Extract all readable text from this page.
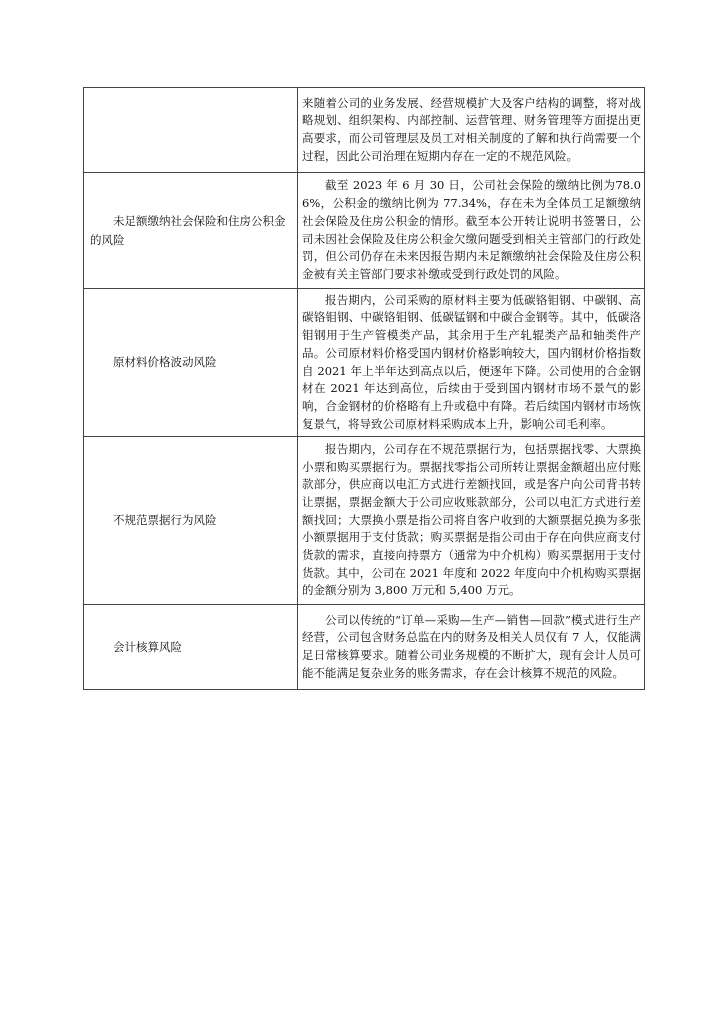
	来随着公司的业务发展、经营规模扩大及客户结构的调整，将对战略规划、组织架构、内部控制、运营管理、财务管理等方面提出更高要求，而公司管理层及员工对相关制度的了解和执行尚需要一个过程，因此公司治理在短期内存在一定的不规范风险。

未足额缴纳社会保险和住房公积金的风险	截至 2023 年 6 月 30 日，公司社会保险的缴纳比例为78.06%，公积金的缴纳比例为 77.34%，存在未为全体员工足额缴纳社会保险及住房公积金的情形。截至本公开转让说明书签署日，公司未因社会保险及住房公积金欠缴问题受到相关主管部门的行政处罚，但公司仍存在未来因报告期内未足额缴纳社会保险及住房公积金被有关主管部门要求补缴或受到行政处罚的风险。

原材料价格波动风险	报告期内，公司采购的原材料主要为低碳铬钼钢、中碳钢、高碳铬钼钢、中碳铬钼钢、低碳锰钢和中碳合金钢等。其中，低碳洛钼钢用于生产管模类产品，其余用于生产轧辊类产品和轴类件产品。公司原材料价格受国内钢材价格影响较大，国内钢材价格指数自 2021 年上半年达到高点以后，便逐年下降。公司使用的合金钢材在 2021 年达到高位，后续由于受到国内钢材市场不景气的影响，合金钢材的价格略有上升或稳中有降。若后续国内钢材市场恢复景气，将导致公司原材料采购成本上升，影响公司毛利率。

不规范票据行为风险	报告期内，公司存在不规范票据行为，包括票据找零、大票换小票和购买票据行为。票据找零指公司所转让票据金额超出应付账款部分，供应商以电汇方式进行差额找回，或是客户向公司背书转让票据，票据金额大于公司应收账款部分，公司以电汇方式进行差额找回；大票换小票是指公司将自客户收到的大额票据兑换为多张小额票据用于支付货款；购买票据是指公司由于存在向供应商支付货款的需求，直接向持票方（通常为中介机构）购买票据用于支付货款。其中，公司在 2021 年度和 2022 年度向中介机构购买票据的金额分别为 3,800 万元和 5,400 万元。

会计核算风险	公司以传统的“订单—采购—生产—销售—回款”模式进行生产经营，公司包含财务总监在内的财务及相关人员仅有 7 人，仅能满足日常核算要求。随着公司业务规模的不断扩大，现有会计人员可能不能满足复杂业务的账务需求，存在会计核算不规范的风险。
